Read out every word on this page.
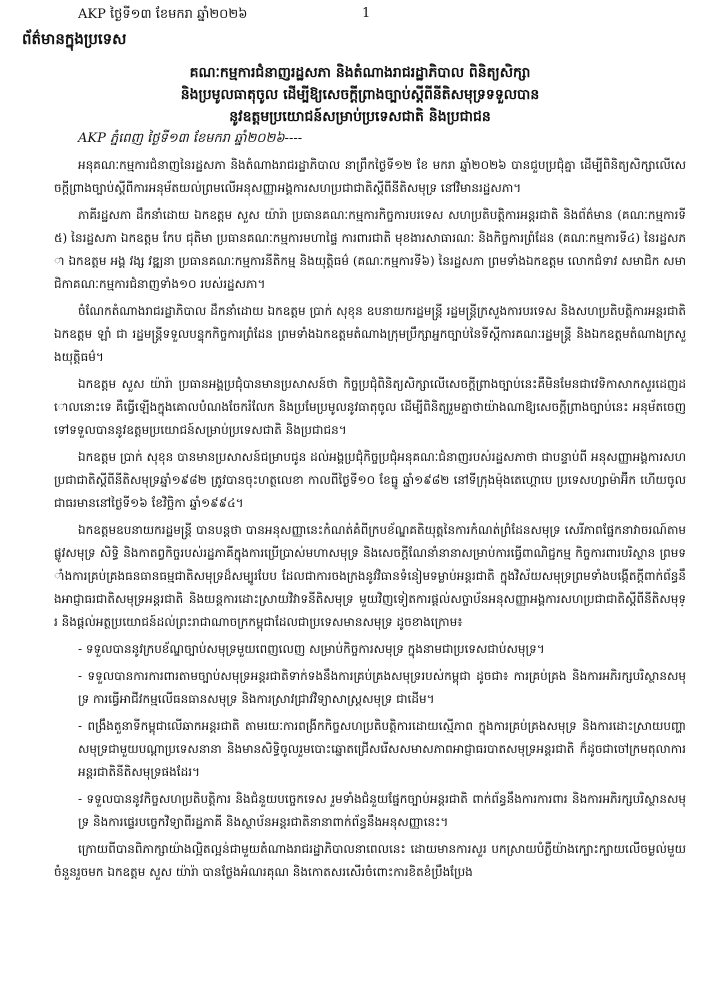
AKP ថ្ងៃទី១៣ ខែមករា ឆ្នាំ២០២៦	1
ព័ត៌មានក្នុងប្រទេស
គណៈកម្មការជំនាញរដ្ឋសភា និងតំណាងរាជរដ្ឋាភិបាល ពិនិត្យសិក្សា
និងប្រមូលធាតុចូល ដើម្បីឱ្យសេចក្តីព្រាងច្បាប់ស្តីពីនីតិសមុទ្រទទួលបាន
នូវឧត្តមប្រយោជន៍សម្រាប់ប្រទេសជាតិ និងប្រជាជន
AKP ភ្នំពេញ ថ្ងៃទី១៣ ខែមករា ឆ្នាំ២០២៦----

អនុគណៈកម្មការជំនាញនៃរដ្ឋសភា និងតំណាងរាជរដ្ឋាភិបាល នាព្រឹកថ្ងៃទី១២ ខែ មករា ឆ្នាំ២០២៦ បានជួបប្រជុំគ្នា ដើម្បីពិនិត្យសិក្សាលើសេចក្តីព្រាងច្បាប់ស្តីពីការអនុម័តយល់ព្រមលើអនុសញ្ញាអង្គការសហប្រជាជាតិស្តីពីនីតិសមុទ្រ នៅវិមានរដ្ឋសភា។

ភាគីរដ្ឋសភា ដឹកនាំដោយ ឯកឧត្តម សួស យ៉ារ៉ា ប្រធានគណៈកម្មការកិច្ចការបរទេស សហប្រតិបត្តិការអន្តរជាតិ និងព័ត៌មាន (គណៈកម្មការទី៥) នៃរដ្ឋសភា ឯកឧត្តម កែប ជុតិមា ប្រធានគណៈកម្មការមហាផ្ទៃ ការពារជាតិ មុខងារសាធារណៈ និងកិច្ចការព្រំដែន (គណៈកម្មការទី៤) នៃរដ្ឋសភា ឯកឧត្តម អង្គ វង្ស វឌ្ឍនា ប្រធានគណៈកម្មការនីតិកម្ម និងយុត្តិធម៌ (គណៈកម្មការទី៦) នៃរដ្ឋសភា ព្រមទាំងឯកឧត្តម លោកជំទាវ សមាជិក សមាជិកាគណៈកម្មការជំនាញទាំង១០ របស់រដ្ឋសភា។

ចំណែកតំណាងរាជរដ្ឋាភិបាល ដឹកនាំដោយ ឯកឧត្តម ប្រាក់ សុខុន ឧបនាយករដ្ឋមន្ត្រី រដ្ឋមន្ត្រីក្រសួងការបរទេស និងសហប្រតិបត្តិការអន្តរជាតិ ឯកឧត្តម ឡាំ ជា រដ្ឋមន្ត្រីទទួលបន្ទុកកិច្ចការព្រំដែន ព្រមទាំងឯកឧត្តមតំណាងក្រុមប្រឹក្សាអ្នកច្បាប់នៃទីស្តីការគណៈរដ្ឋមន្ត្រី និងឯកឧត្តមតំណាងក្រសួងយុត្តិធម៌។

ឯកឧត្តម សួស យ៉ារ៉ា ប្រធានអង្គប្រជុំបានមានប្រសាសន៍ថា កិច្ចប្រជុំពិនិត្យសិក្សាលើសេចក្តីព្រាងច្បាប់នេះគឺមិនមែនជាវេទិកាសាកសួរដេញដោលនោះទេ គឺធ្វើឡើងក្នុងគោលបំណងចែករំលែក និងប្រមែប្រមូលនូវធាតុចូល ដើម្បីពិនិត្យរួមគ្នាថាយ៉ាងណាឱ្យសេចក្តីព្រាងច្បាប់នេះ អនុម័តចេញទៅទទួលបាននូវឧត្តមប្រយោជន៍សម្រាប់ប្រទេសជាតិ និងប្រជាជន។

ឯកឧត្តម ប្រាក់ សុខុន បានមានប្រសាសន៍ជម្រាបជូន ដល់អង្គប្រជុំកិច្ចប្រជុំអនុគណៈជំនាញរបស់រដ្ឋសភាថា ជាបន្ទាប់ពី អនុសញ្ញាអង្គការសហប្រជាជាតិស្តីពីនីតិសមុទ្រឆ្នាំ១៩៨២ ត្រូវបានចុះហត្ថលេខា កាលពីថ្ងៃទី១០ ខែធ្នូ ឆ្នាំ១៩៨២ នៅទីក្រុងម៉ុងតេហ្គោបេ ប្រទេសហ្សាម៉ាអ៊ីក ហើយចូលជាធរមាននៅថ្ងៃទី១៦ ខែវិច្ឆិកា ឆ្នាំ១៩៩៤។

ឯកឧត្តមឧបនាយករដ្ឋមន្ត្រី បានបន្តថា បានអនុសញ្ញានេះកំណត់គំពីក្របខ័ណ្ឌគតិយុត្តនៃការកំណត់ព្រំដែនសមុទ្រ សេរីភាពផ្នែកនាវាចរណ៍តាមផ្លូវសមុទ្រ សិទ្ធិ និងកាតព្វកិច្ចរបស់រដ្ឋភាគីក្នុងការប្រើប្រាស់មហាសមុទ្រ និងសេចក្តីណែនាំនានាសម្រាប់ការធ្វើពាណិជ្ជកម្ម កិច្ចការពារបរិស្ថាន ព្រមទាំងការគ្រប់គ្រងធនធានធម្មជាតិសមុទ្រដ៏សម្បូរបែប ដែលជាការចងក្រងនូវវិធានទំនៀមទម្លាប់អន្តរជាតិ ក្នុងវិស័យសមុទ្រព្រមទាំងបង្កើតក្តីពាក់ព័ន្ធនឹងអាជ្ញាធរជាតិសមុទ្រអន្តរជាតិ និងយន្តការដោះស្រាយវិវាទនីតិសមុទ្រ មួយវិញទៀតការផ្តល់សច្ចាប័នអនុសញ្ញាអង្គការសហប្រជាជាតិស្តីពីនីតិសមុទ្រ និងផ្តល់អត្ថប្រយោជន៍ដល់ព្រះរាជាណាចក្រកម្ពុជាដែលជាប្រទេសមានសមុទ្រ ដូចខាងក្រោម៖

- ទទួលបាននូវក្របខ័ណ្ឌច្បាប់សមុទ្រមួយពេញលេញ សម្រាប់កិច្ចការសមុទ្រ ក្នុងនាមជាប្រទេសជាប់សមុទ្រ។

- ទទួលបានការការពារតាមច្បាប់សមុទ្រអន្តរជាតិទាក់ទងនឹងការគ្រប់គ្រងសមុទ្ររបស់កម្ពុជា ដូចជា៖ ការគ្រប់គ្រង និងការអភិរក្សបរិស្ថានសមុទ្រ ការធ្វើអាជីវកម្មលើធនធានសមុទ្រ និងការស្រាវជ្រាវវិទ្យាសាស្ត្រសមុទ្រ ជាដើម។

- ពង្រឹងតួនាទីកម្ពុជាលើឆាកអន្តរជាតិ តាមរយៈការពង្រីកកិច្ចសហប្រតិបត្តិការដោយស្មើភាព ក្នុងការគ្រប់គ្រងសមុទ្រ និងការដោះស្រាយបញ្ហាសមុទ្រជាមួយបណ្តាប្រទេសនានា និងមានសិទ្ធិចូលរួមបោះឆ្នោតជ្រើសរើសសមាសភាពអាជ្ញាធរបាតសមុទ្រអន្តរជាតិ ក៏ដូចជាចៅក្រមតុលាការ អន្តរជាតិនីតិសមុទ្រផងដែរ។

- ទទួលបាននូវកិច្ចសហប្រតិបត្តិការ និងជំនួយបច្ចេកទេស រួមទាំងជំនួយផ្នែកច្បាប់អន្តរជាតិ ពាក់ព័ន្ធនឹងការការពារ និងការអភិរក្សបរិស្ថានសមុទ្រ និងការផ្ទេរបច្ចេកវិទ្យាពីរដ្ឋភាគី និងស្ថាប័នអន្តរជាតិនានាពាក់ព័ន្ធនឹងអនុសញ្ញានេះ។

ក្រោយពីបានពិភាក្សាយ៉ាងល្អិតល្អន់ជាមួយតំណាងរាជរដ្ឋាភិបាលនាពេលនេះ ដោយមានការសួរ បកស្រាយបំភ្លឺយ៉ាងក្បោះក្បាយលើចម្ងល់មួយចំនួនរួចមក ឯកឧត្តម សួស យ៉ារ៉ា បានថ្លែងអំណរគុណ និងកោតសរសើរចំពោះការខិតខំប្រឹងប្រែង
